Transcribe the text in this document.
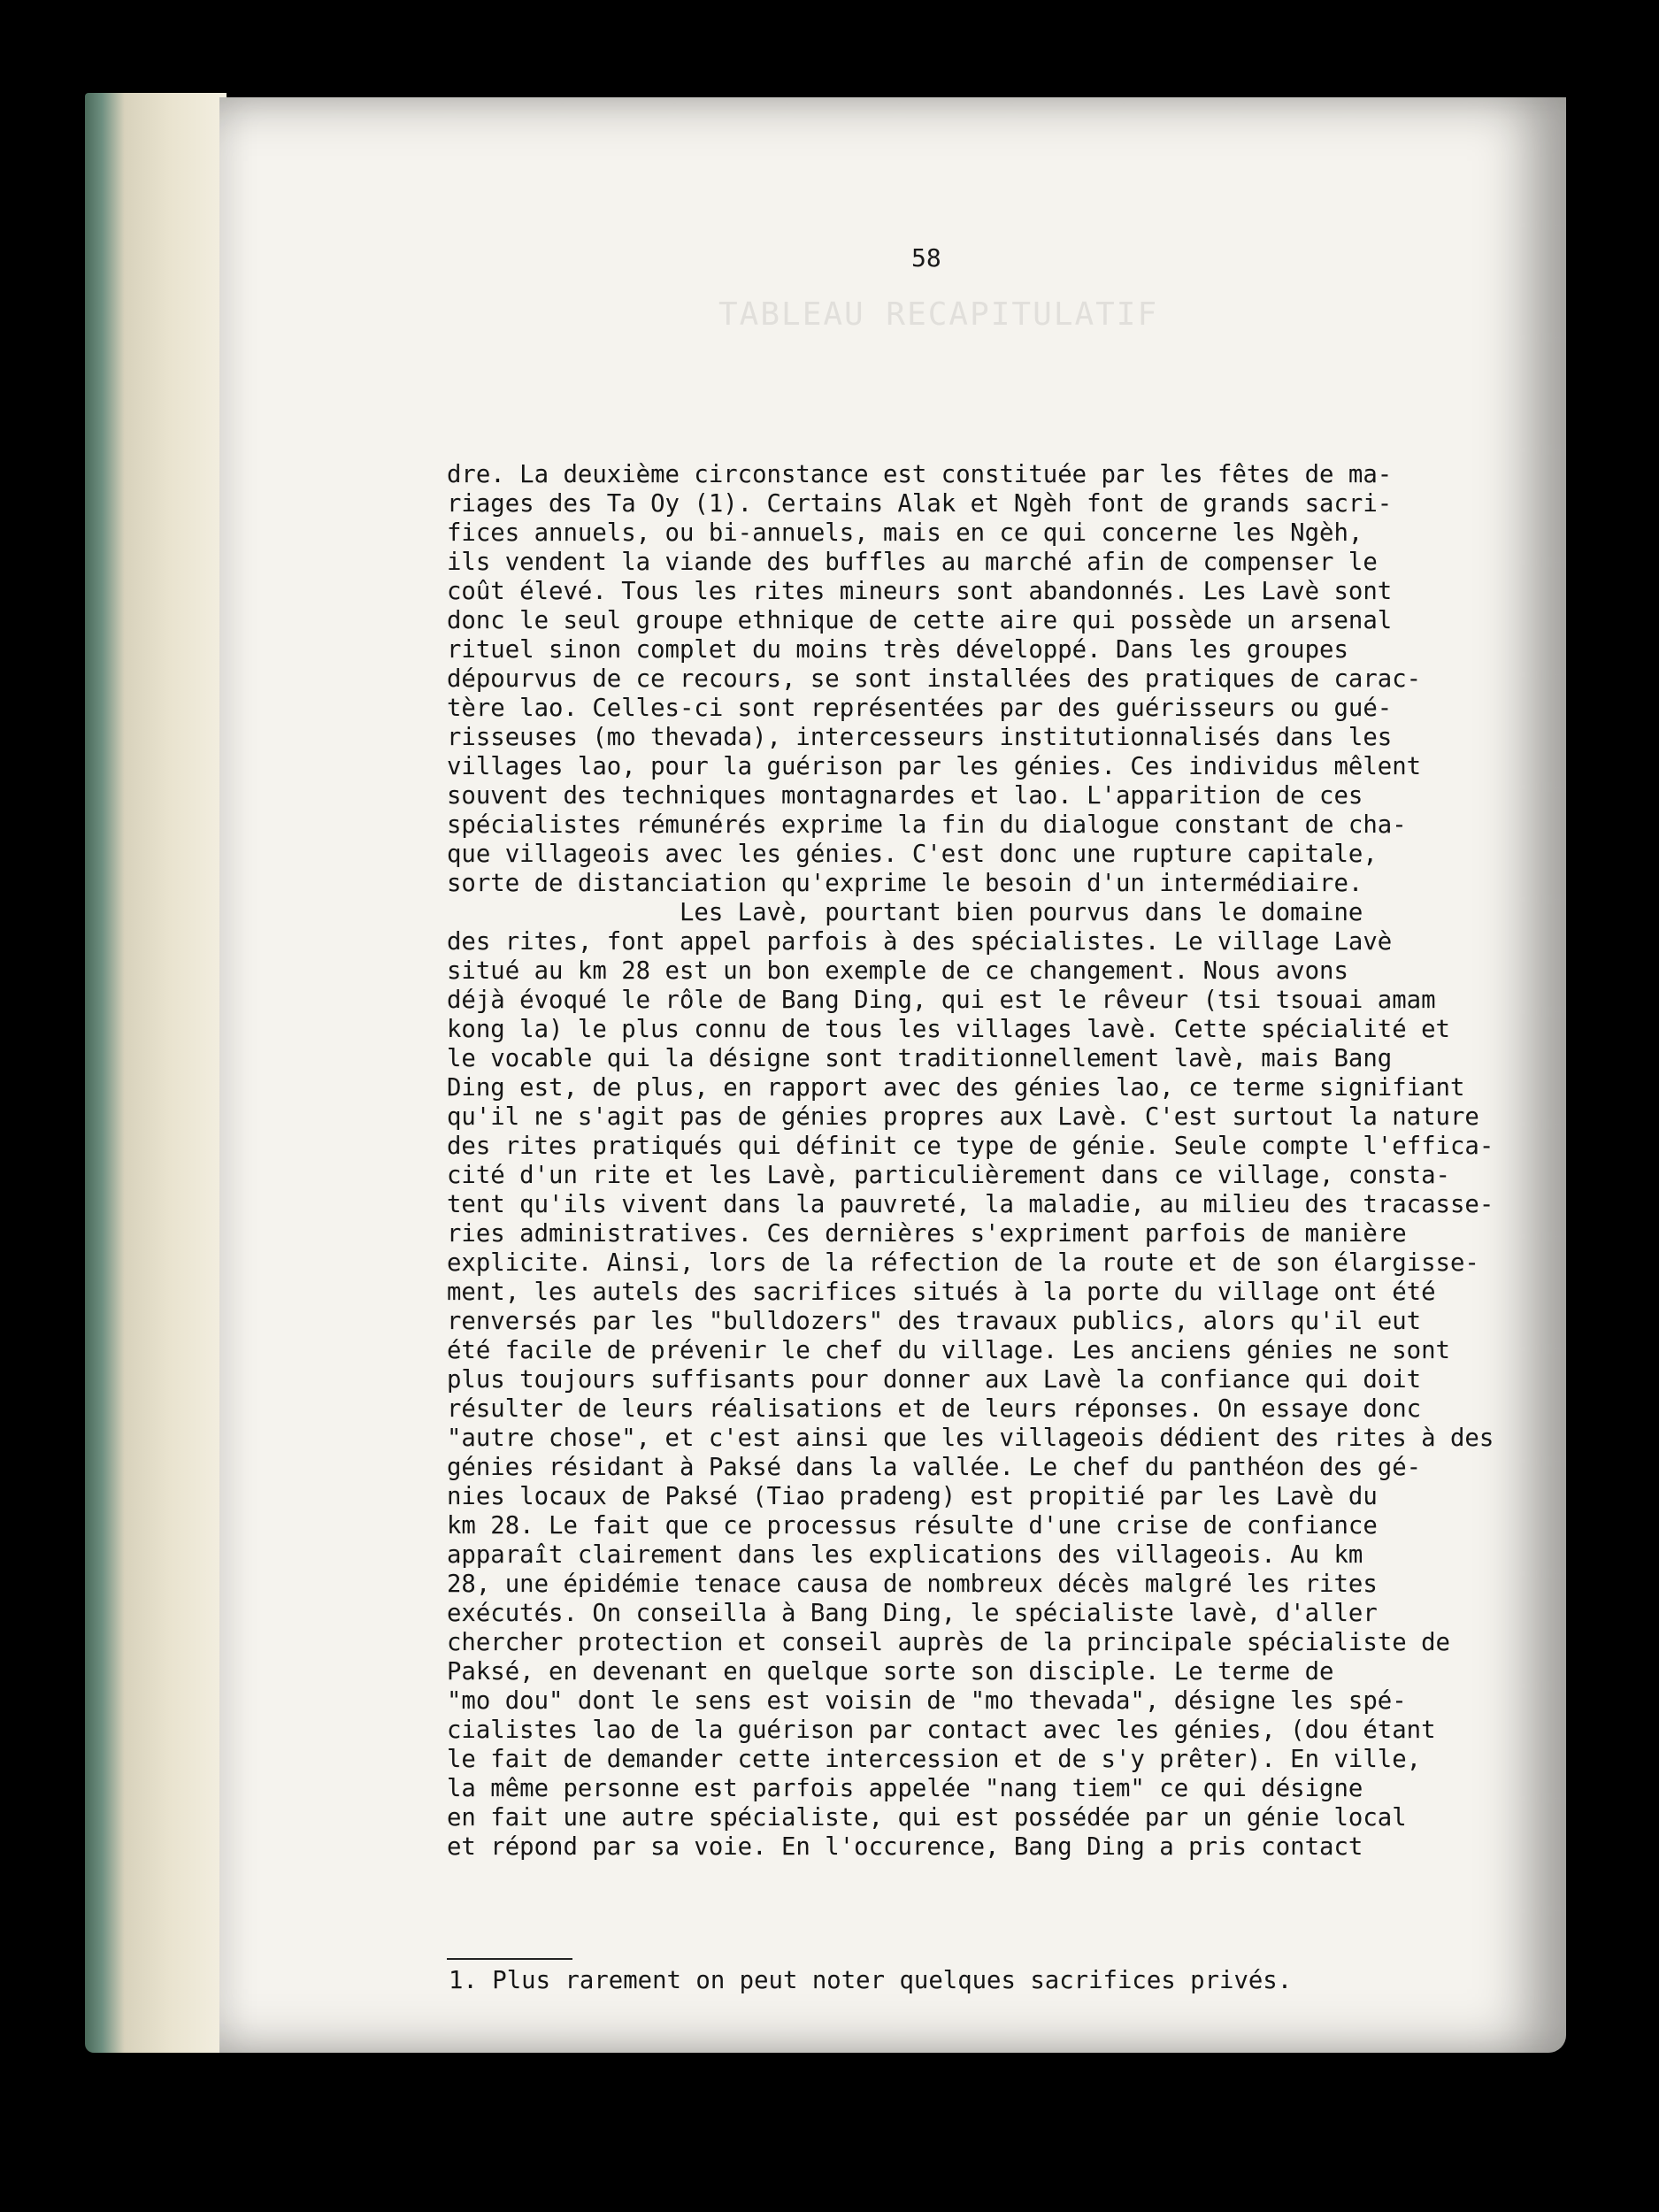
TABLEAU RECAPITULATIF
58
dre. La deuxième circonstance est constituée par les fêtes de ma-
riages des Ta Oy (1). Certains Alak et Ngèh font de grands sacri-
fices annuels, ou bi-annuels, mais en ce qui concerne les Ngèh,
ils vendent la viande des buffles au marché afin de compenser le
coût élevé. Tous les rites mineurs sont abandonnés. Les Lavè sont
donc le seul groupe ethnique de cette aire qui possède un arsenal
rituel sinon complet du moins très développé. Dans les groupes
dépourvus de ce recours, se sont installées des pratiques de carac-
tère lao. Celles-ci sont représentées par des guérisseurs ou gué-
risseuses (mo thevada), intercesseurs institutionnalisés dans les
villages lao, pour la guérison par les génies. Ces individus mêlent
souvent des techniques montagnardes et lao. L'apparition de ces
spécialistes rémunérés exprime la fin du dialogue constant de cha-
que villageois avec les génies. C'est donc une rupture capitale,
sorte de distanciation qu'exprime le besoin d'un intermédiaire.
Les Lavè, pourtant bien pourvus dans le domaine
des rites, font appel parfois à des spécialistes. Le village Lavè
situé au km 28 est un bon exemple de ce changement. Nous avons
déjà évoqué le rôle de Bang Ding, qui est le rêveur (tsi tsouai amam
kong la) le plus connu de tous les villages lavè. Cette spécialité et
le vocable qui la désigne sont traditionnellement lavè, mais Bang
Ding est, de plus, en rapport avec des génies lao, ce terme signifiant
qu'il ne s'agit pas de génies propres aux Lavè. C'est surtout la nature
des rites pratiqués qui définit ce type de génie. Seule compte l'effica-
cité d'un rite et les Lavè, particulièrement dans ce village, consta-
tent qu'ils vivent dans la pauvreté, la maladie, au milieu des tracasse-
ries administratives. Ces dernières s'expriment parfois de manière
explicite. Ainsi, lors de la réfection de la route et de son élargisse-
ment, les autels des sacrifices situés à la porte du village ont été
renversés par les "bulldozers" des travaux publics, alors qu'il eut
été facile de prévenir le chef du village. Les anciens génies ne sont
plus toujours suffisants pour donner aux Lavè la confiance qui doit
résulter de leurs réalisations et de leurs réponses. On essaye donc
"autre chose", et c'est ainsi que les villageois dédient des rites à des
génies résidant à Paksé dans la vallée. Le chef du panthéon des gé-
nies locaux de Paksé (Tiao pradeng) est propitié par les Lavè du
km 28. Le fait que ce processus résulte d'une crise de confiance
apparaît clairement dans les explications des villageois. Au km
28, une épidémie tenace causa de nombreux décès malgré les rites
exécutés. On conseilla à Bang Ding, le spécialiste lavè, d'aller
chercher protection et conseil auprès de la principale spécialiste de
Paksé, en devenant en quelque sorte son disciple. Le terme de
"mo dou" dont le sens est voisin de "mo thevada", désigne les spé-
cialistes lao de la guérison par contact avec les génies, (dou étant
le fait de demander cette intercession et de s'y prêter). En ville,
la même personne est parfois appelée "nang tiem" ce qui désigne
en fait une autre spécialiste, qui est possédée par un génie local
et répond par sa voie. En l'occurence, Bang Ding a pris contact
1. Plus rarement on peut noter quelques sacrifices privés.
